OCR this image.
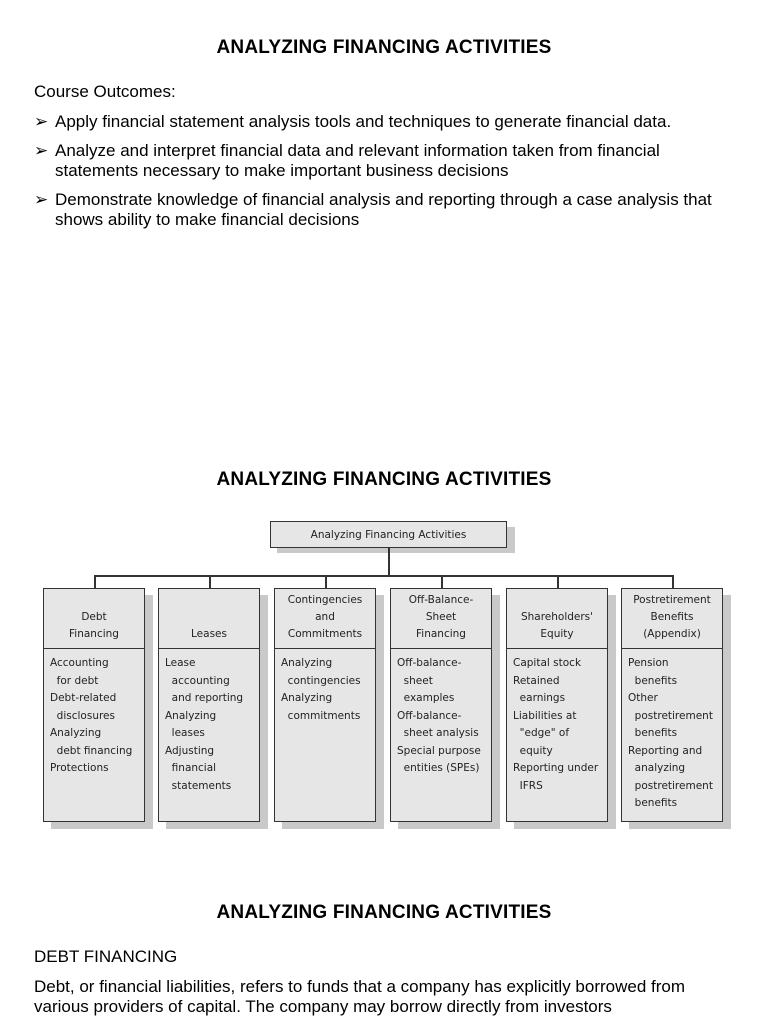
ANALYZING FINANCING ACTIVITIES
Course Outcomes:
➢ Apply financial statement analysis tools and techniques to generate financial data.
➢ Analyze and interpret financial data and relevant information taken from financial statements necessary to make important business decisions
➢ Demonstrate knowledge of financial analysis and reporting through a case analysis that shows ability to make financial decisions
ANALYZING FINANCING ACTIVITIES
Analyzing Financing Activities
Debt
Financing
Accounting
for debt
Debt-related
disclosures
Analyzing
debt financing
Protections
Leases
Lease
accounting
and reporting
Analyzing
leases
Adjusting
financial
statements
Contingencies
and
Commitments
Analyzing
contingencies
Analyzing
commitments
Off-Balance-
Sheet
Financing
Off-balance-
sheet
examples
Off-balance-
sheet analysis
Special purpose
entities (SPEs)
Shareholders'
Equity
Capital stock
Retained
earnings
Liabilities at
"edge" of
equity
Reporting under
IFRS
Postretirement
Benefits
(Appendix)
Pension
benefits
Other
postretirement
benefits
Reporting and
analyzing
postretirement
benefits
ANALYZING FINANCING ACTIVITIES
DEBT FINANCING
Debt, or financial liabilities, refers to funds that a company has explicitly borrowed from various providers of capital. The company may borrow directly from investors
